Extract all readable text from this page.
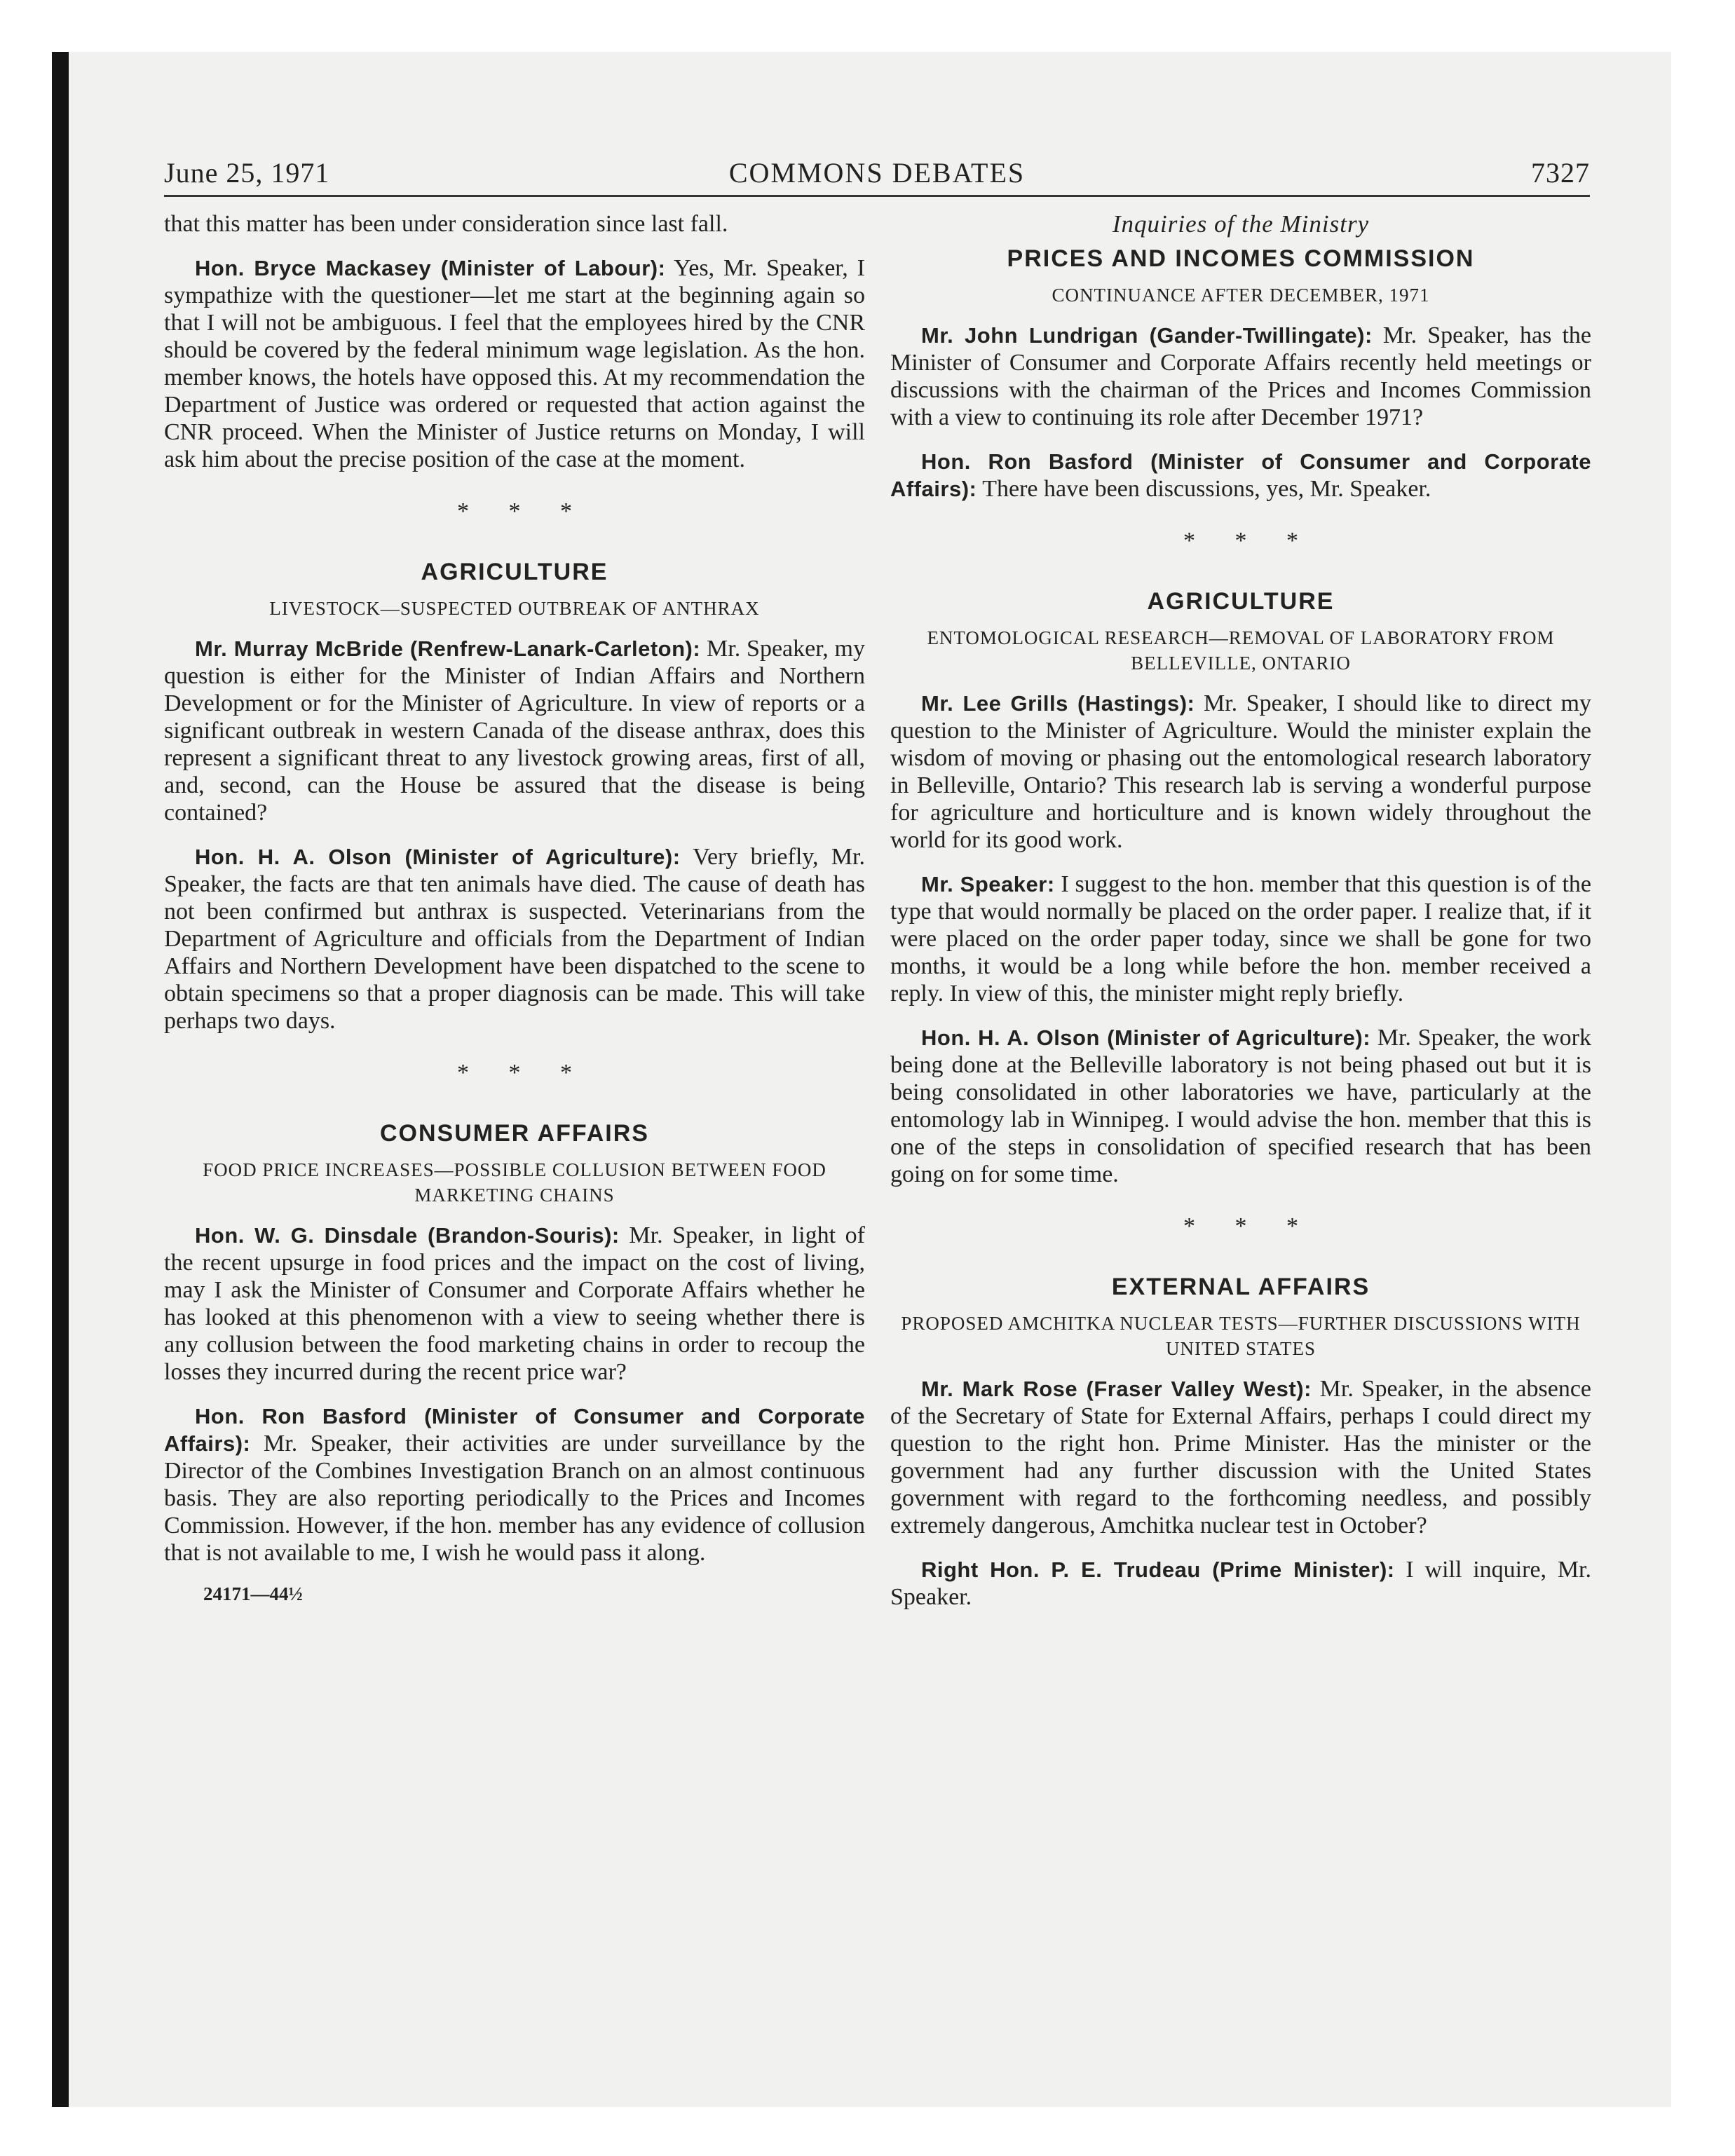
June 25, 1971	COMMONS DEBATES	7327

that this matter has been under consideration since last fall.

Hon. Bryce Mackasey (Minister of Labour): Yes, Mr. Speaker, I sympathize with the questioner—let me start at the beginning again so that I will not be ambiguous. I feel that the employees hired by the CNR should be covered by the federal minimum wage legislation. As the hon. member knows, the hotels have opposed this. At my recommendation the Department of Justice was ordered or requested that action against the CNR proceed. When the Minister of Justice returns on Monday, I will ask him about the precise position of the case at the moment.

* * *
AGRICULTURE
LIVESTOCK—SUSPECTED OUTBREAK OF ANTHRAX

Mr. Murray McBride (Renfrew-Lanark-Carleton): Mr. Speaker, my question is either for the Minister of Indian Affairs and Northern Development or for the Minister of Agriculture. In view of reports or a significant outbreak in western Canada of the disease anthrax, does this represent a significant threat to any livestock growing areas, first of all, and, second, can the House be assured that the disease is being contained?

Hon. H. A. Olson (Minister of Agriculture): Very briefly, Mr. Speaker, the facts are that ten animals have died. The cause of death has not been confirmed but anthrax is suspected. Veterinarians from the Department of Agriculture and officials from the Department of Indian Affairs and Northern Development have been dispatched to the scene to obtain specimens so that a proper diagnosis can be made. This will take perhaps two days.

* * *
CONSUMER AFFAIRS
FOOD PRICE INCREASES—POSSIBLE COLLUSION BETWEEN FOOD MARKETING CHAINS

Hon. W. G. Dinsdale (Brandon-Souris): Mr. Speaker, in light of the recent upsurge in food prices and the impact on the cost of living, may I ask the Minister of Consumer and Corporate Affairs whether he has looked at this phenomenon with a view to seeing whether there is any collusion between the food marketing chains in order to recoup the losses they incurred during the recent price war?

Hon. Ron Basford (Minister of Consumer and Corporate Affairs): Mr. Speaker, their activities are under surveillance by the Director of the Combines Investigation Branch on an almost continuous basis. They are also reporting periodically to the Prices and Incomes Commission. However, if the hon. member has any evidence of collusion that is not available to me, I wish he would pass it along.

24171—44½
Inquiries of the Ministry
PRICES AND INCOMES COMMISSION
CONTINUANCE AFTER DECEMBER, 1971

Mr. John Lundrigan (Gander-Twillingate): Mr. Speaker, has the Minister of Consumer and Corporate Affairs recently held meetings or discussions with the chairman of the Prices and Incomes Commission with a view to continuing its role after December 1971?

Hon. Ron Basford (Minister of Consumer and Corporate Affairs): There have been discussions, yes, Mr. Speaker.

* * *
AGRICULTURE
ENTOMOLOGICAL RESEARCH—REMOVAL OF LABORATORY FROM BELLEVILLE, ONTARIO

Mr. Lee Grills (Hastings): Mr. Speaker, I should like to direct my question to the Minister of Agriculture. Would the minister explain the wisdom of moving or phasing out the entomological research laboratory in Belleville, Ontario? This research lab is serving a wonderful purpose for agriculture and horticulture and is known widely throughout the world for its good work.

Mr. Speaker: I suggest to the hon. member that this question is of the type that would normally be placed on the order paper. I realize that, if it were placed on the order paper today, since we shall be gone for two months, it would be a long while before the hon. member received a reply. In view of this, the minister might reply briefly.

Hon. H. A. Olson (Minister of Agriculture): Mr. Speaker, the work being done at the Belleville laboratory is not being phased out but it is being consolidated in other laboratories we have, particularly at the entomology lab in Winnipeg. I would advise the hon. member that this is one of the steps in consolidation of specified research that has been going on for some time.

* * *
EXTERNAL AFFAIRS
PROPOSED AMCHITKA NUCLEAR TESTS—FURTHER DISCUSSIONS WITH UNITED STATES

Mr. Mark Rose (Fraser Valley West): Mr. Speaker, in the absence of the Secretary of State for External Affairs, perhaps I could direct my question to the right hon. Prime Minister. Has the minister or the government had any further discussion with the United States government with regard to the forthcoming needless, and possibly extremely dangerous, Amchitka nuclear test in October?

Right Hon. P. E. Trudeau (Prime Minister): I will inquire, Mr. Speaker.
